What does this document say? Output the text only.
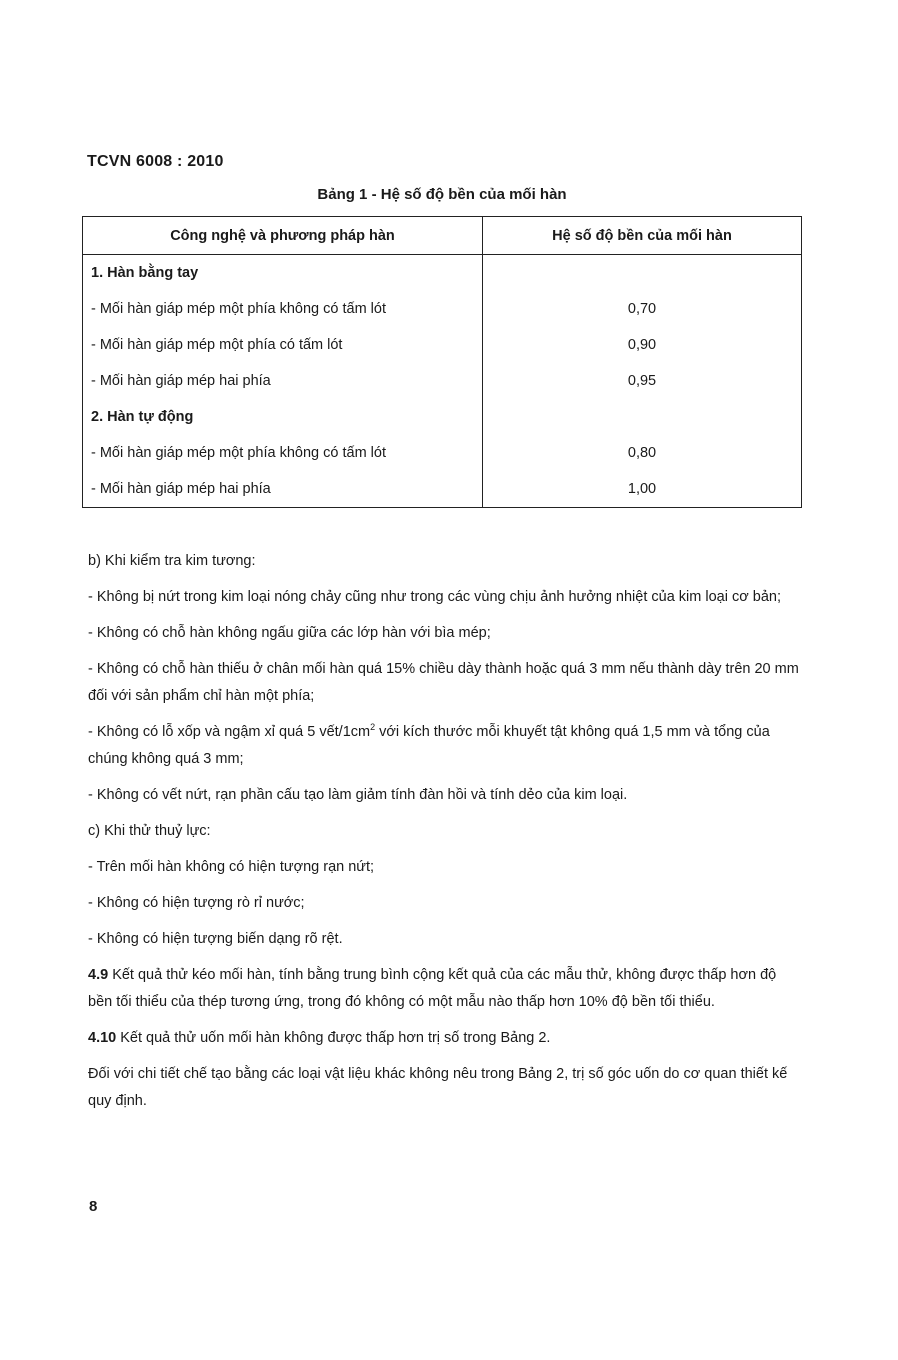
TCVN 6008 : 2010
Bảng 1 - Hệ số độ bền của mối hàn
Công nghệ và phương pháp hàn	Hệ số độ bền của mối hàn
1. Hàn bằng tay	
- Mối hàn giáp mép một phía không có tấm lót	0,70
- Mối hàn giáp mép một phía có tấm lót	0,90
- Mối hàn giáp mép hai phía	0,95
2. Hàn tự động	
- Mối hàn giáp mép một phía không có tấm lót	0,80
- Mối hàn giáp mép hai phía	1,00

b) Khi kiểm tra kim tương:

- Không bị nứt trong kim loại nóng chảy cũng như trong các vùng chịu ảnh hưởng nhiệt của kim loại cơ bản;

- Không có chỗ hàn không ngấu giữa các lớp hàn với bìa mép;

- Không có chỗ hàn thiếu ở chân mối hàn quá 15% chiều dày thành hoặc quá 3 mm nếu thành dày trên 20 mm đối với sản phẩm chỉ hàn một phía;

- Không có lỗ xốp và ngậm xỉ quá 5 vết/$1cm^2$ với kích thước mỗi khuyết tật không quá 1,5 mm và tổng của chúng không quá 3 mm;

- Không có vết nứt, rạn phần cấu tạo làm giảm tính đàn hồi và tính dẻo của kim loại.

c) Khi thử thuỷ lực:

- Trên mối hàn không có hiện tượng rạn nứt;

- Không có hiện tượng rò rỉ nước;

- Không có hiện tượng biến dạng rõ rệt.

4.9 Kết quả thử kéo mối hàn, tính bằng trung bình cộng kết quả của các mẫu thử, không được thấp hơn độ bền tối thiểu của thép tương ứng, trong đó không có một mẫu nào thấp hơn 10% độ bền tối thiểu.

4.10 Kết quả thử uốn mối hàn không được thấp hơn trị số trong Bảng 2.

Đối với chi tiết chế tạo bằng các loại vật liệu khác không nêu trong Bảng 2, trị số góc uốn do cơ quan thiết kế quy định.

8
